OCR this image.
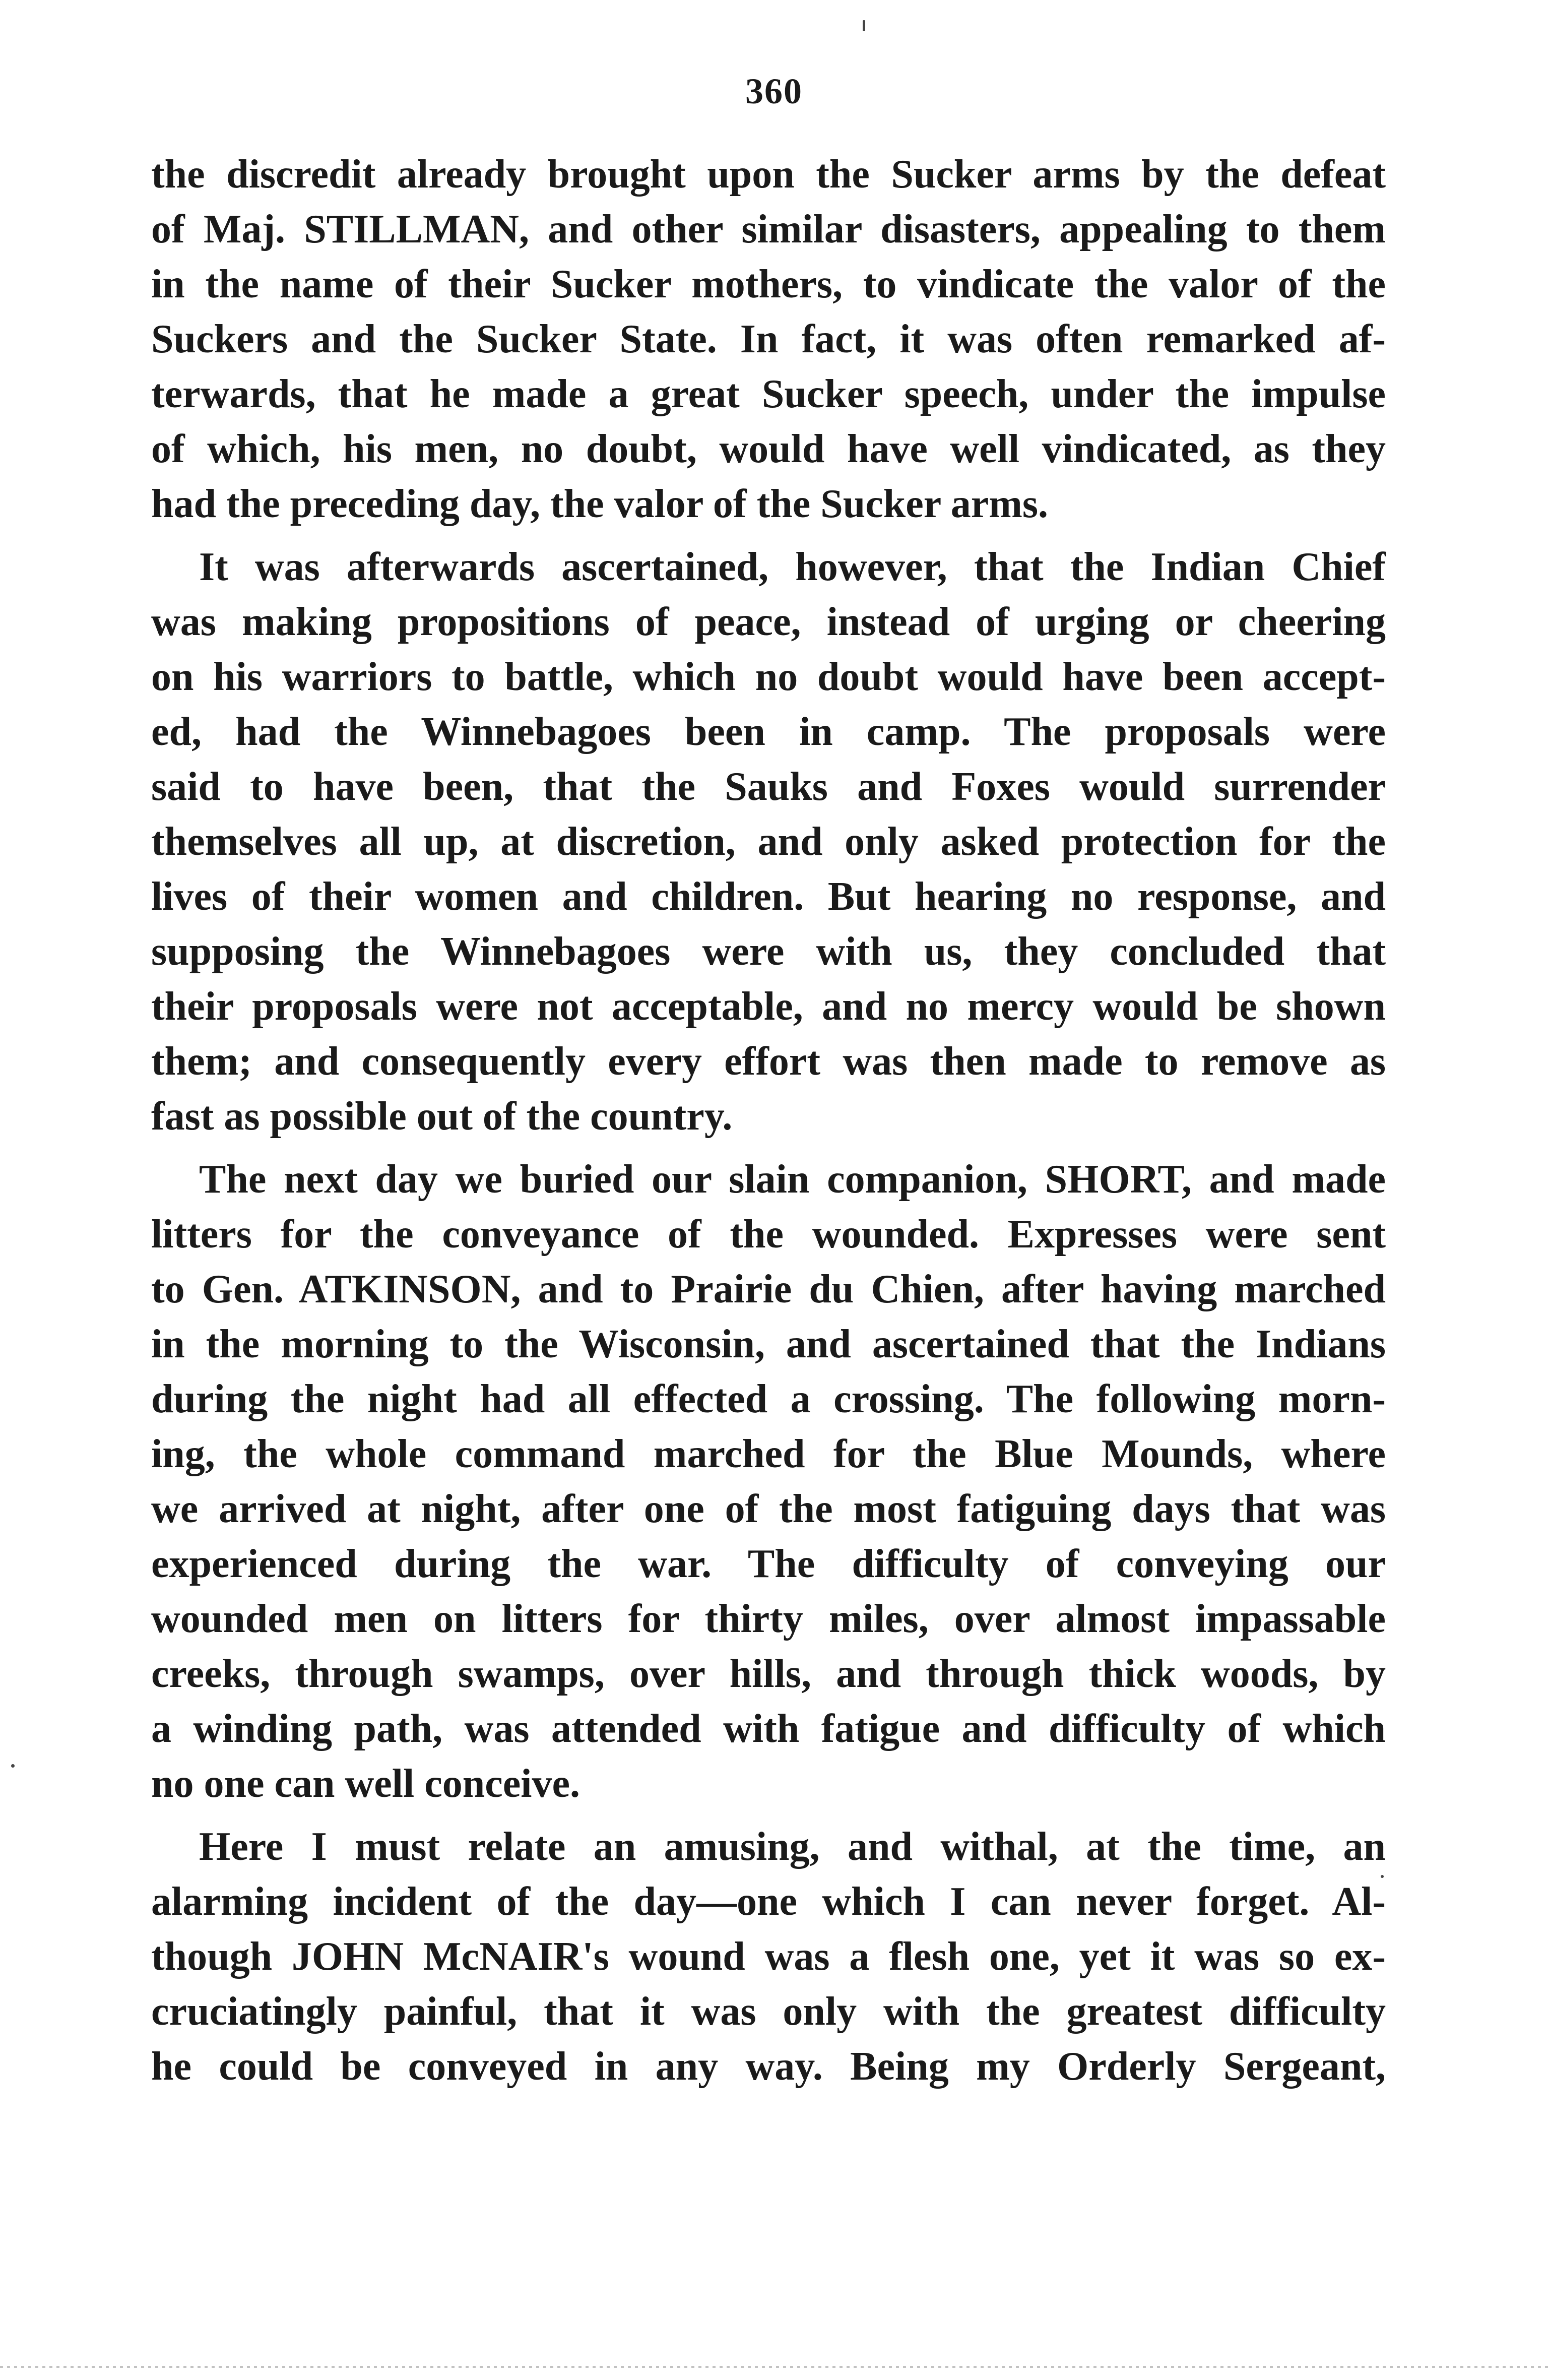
360
the discredit already brought upon the Sucker arms by the defeat
of Maj. STILLMAN, and other similar disasters, appealing to them
in the name of their Sucker mothers, to vindicate the valor of the
Suckers and the Sucker State. In fact, it was often remarked af-
terwards, that he made a great Sucker speech, under the impulse
of which, his men, no doubt, would have well vindicated, as they
had the preceding day, the valor of the Sucker arms.
It was afterwards ascertained, however, that the Indian Chief
was making propositions of peace, instead of urging or cheering
on his warriors to battle, which no doubt would have been accept-
ed, had the Winnebagoes been in camp. The proposals were
said to have been, that the Sauks and Foxes would surrender
themselves all up, at discretion, and only asked protection for the
lives of their women and children. But hearing no response, and
supposing the Winnebagoes were with us, they concluded that
their proposals were not acceptable, and no mercy would be shown
them; and consequently every effort was then made to remove as
fast as possible out of the country.
The next day we buried our slain companion, SHORT, and made
litters for the conveyance of the wounded. Expresses were sent
to Gen. ATKINSON, and to Prairie du Chien, after having marched
in the morning to the Wisconsin, and ascertained that the Indians
during the night had all effected a crossing. The following morn-
ing, the whole command marched for the Blue Mounds, where
we arrived at night, after one of the most fatiguing days that was
experienced during the war. The difficulty of conveying our
wounded men on litters for thirty miles, over almost impassable
creeks, through swamps, over hills, and through thick woods, by
a winding path, was attended with fatigue and difficulty of which
no one can well conceive.
Here I must relate an amusing, and withal, at the time, an
alarming incident of the day—one which I can never forget. Al-
though JOHN McNAIR's wound was a flesh one, yet it was so ex-
cruciatingly painful, that it was only with the greatest difficulty
he could be conveyed in any way. Being my Orderly Sergeant,
